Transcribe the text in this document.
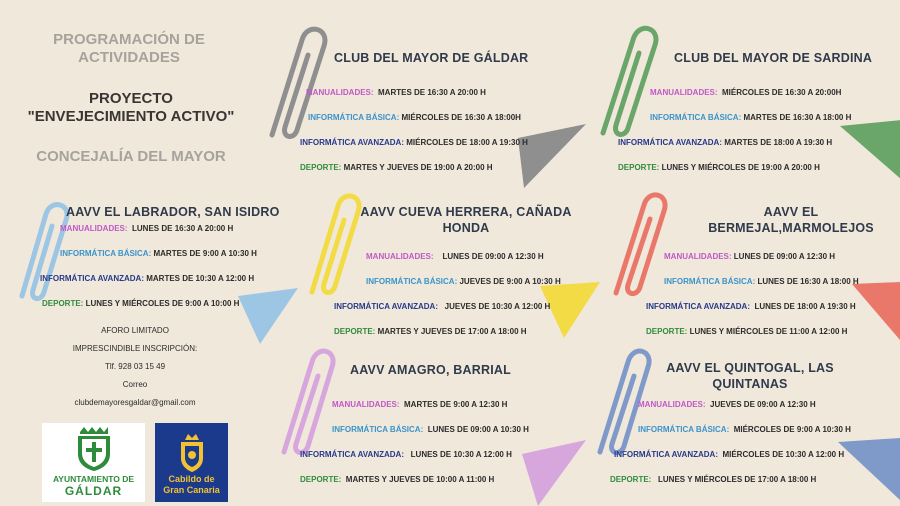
PROGRAMACIÓN DE ACTIVIDADES
PROYECTO
"ENVEJECIMIENTO ACTIVO"
CONCEJALÍA DEL MAYOR
CLUB DEL MAYOR DE GÁLDAR
MANUALIDADES: MARTES DE 16:30 A 20:00 H
INFORMÁTICA BÁSICA: MIÉRCOLES DE 16:30 A 18:00H
INFORMÁTICA AVANZADA: MIÉRCOLES DE 18:00 A 19:30 H
DEPORTE: MARTES Y JUEVES DE 19:00 A 20:00 H
CLUB DEL MAYOR DE SARDINA
MANUALIDADES: MIÉRCOLES DE 16:30 A 20:00H
INFORMÁTICA BÁSICA: MARTES DE 16:30 A 18:00 H
INFORMÁTICA AVANZADA: MARTES DE 18:00 A 19:30 H
DEPORTE: LUNES Y MIÉRCOLES DE 19:00 A 20:00 H
AAVV EL LABRADOR, SAN ISIDRO
MANUALIDADES: LUNES DE 16:30 A 20:00 H
INFORMÁTICA BÁSICA: MARTES DE 9:00 A 10:30 H
INFORMÁTICA AVANZADA: MARTES DE 10:30 A 12:00 H
DEPORTE: LUNES Y MIÉRCOLES DE 9:00 A 10:00 H
AAVV CUEVA HERRERA, CAÑADA
HONDA
MANUALIDADES: LUNES DE 09:00 A 12:30 H
INFORMÁTICA BÁSICA: JUEVES DE 9:00 A 10:30 H
INFORMÁTICA AVANZADA: JUEVES DE 10:30 A 12:00 H
DEPORTE: MARTES Y JUEVES DE 17:00 A 18:00 H
AAVV EL
BERMEJAL,MARMOLEJOS
MANUALIDADES: LUNES DE 09:00 A 12:30 H
INFORMÁTICA BÁSICA: LUNES DE 16:30 A 18:00 H
INFORMÁTICA AVANZADA: LUNES DE 18:00 A 19:30 H
DEPORTE: LUNES Y MIÉRCOLES DE 11:00 A 12:00 H
AAVV AMAGRO, BARRIAL
MANUALIDADES: MARTES DE 9:00 A 12:30 H
INFORMÁTICA BÁSICA: LUNES DE 09:00 A 10:30 H
INFORMÁTICA AVANZADA: LUNES DE 10:30 A 12:00 H
DEPORTE: MARTES Y JUEVES DE 10:00 A 11:00 H
AAVV EL QUINTOGAL, LAS
QUINTANAS
MANUALIDADES: JUEVES DE 09:00 A 12:30 H
INFORMÁTICA BÁSICA: MIÉRCOLES DE 9:00 A 10:30 H
INFORMÁTICA AVANZADA: MIÉRCOLES DE 10:30 A 12:00 H
DEPORTE: LUNES Y MIÉRCOLES DE 17:00 A 18:00 H
AFORO LIMITADO
IMPRESCINDIBLE INSCRIPCIÓN:
Tlf. 928 03 15 49
Correo
clubdemayoresgaldar@gmail.com
AYUNTAMIENTO DE
GÁLDAR
Cabildo de
Gran Canaria
